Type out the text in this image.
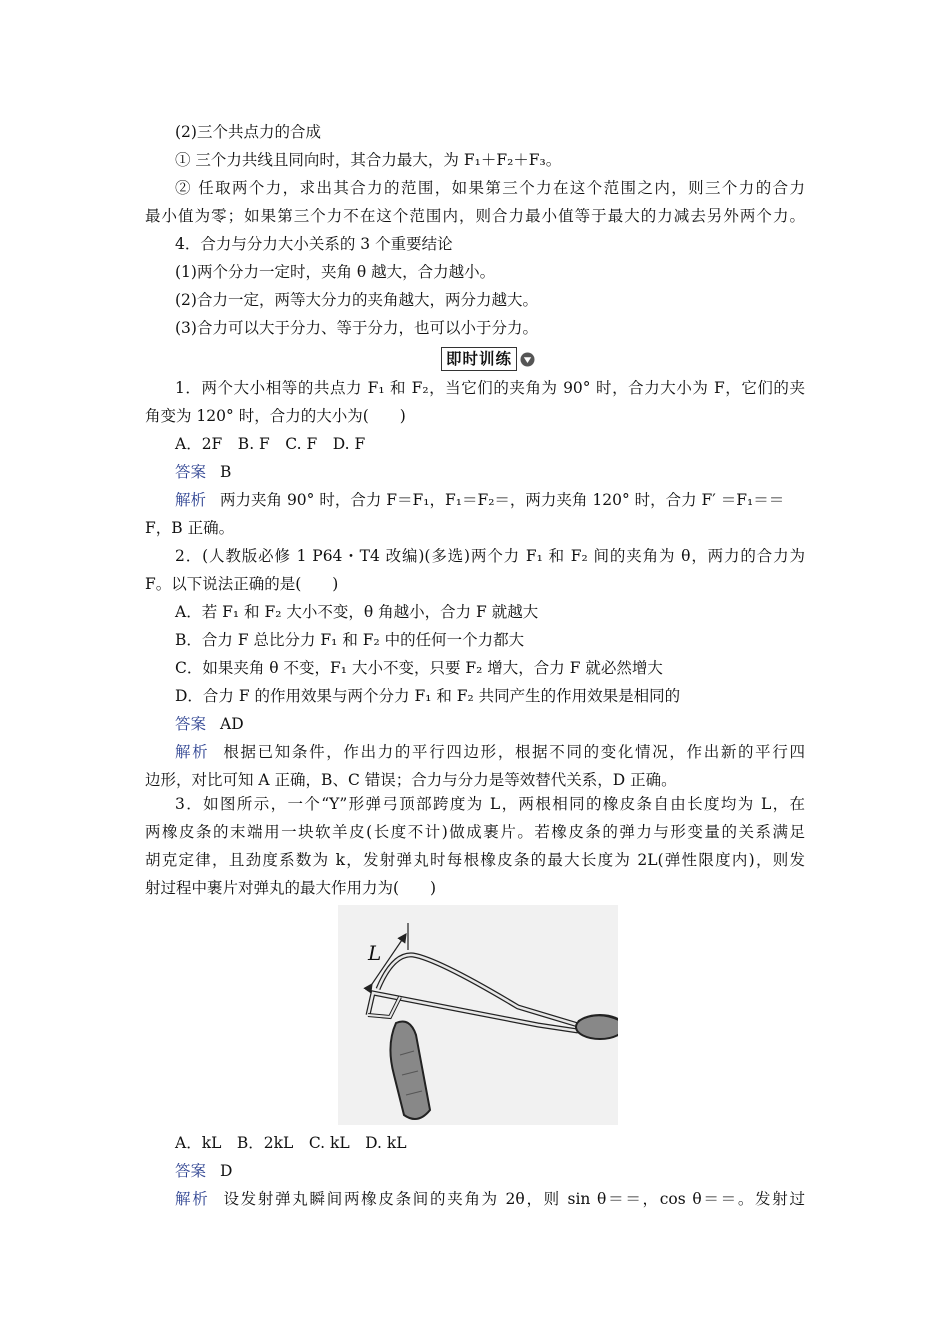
(2)三个共点力的合成
① 三个力共线且同向时，其合力最大，为 F₁＋F₂＋F₃。
② 任取两个力，求出其合力的范围，如果第三个力在这个范围之内，则三个力的合力
最小值为零；如果第三个力不在这个范围内，则合力最小值等于最大的力减去另外两个力。
4．合力与分力大小关系的 3 个重要结论
(1)两个分力一定时，夹角 θ 越大，合力越小。
(2)合力一定，两等大分力的夹角越大，两分力越大。
(3)合力可以大于分力、等于分力，也可以小于分力。
即时训练
1．两个大小相等的共点力 F₁ 和 F₂，当它们的夹角为 90° 时，合力大小为 F，它们的夹
角变为 120° 时，合力的大小为(　　)
A．2F　B. F　C. F　D. F
答案 B
解析 两力夹角 90° 时，合力 F＝F₁，F₁＝F₂＝，两力夹角 120° 时，合力 F′ ＝F₁＝＝
F，B 正确。
2．(人教版必修 1 P64・T4 改编)(多选)两个力 F₁ 和 F₂ 间的夹角为 θ，两力的合力为
F。以下说法正确的是(　　)
A．若 F₁ 和 F₂ 大小不变，θ 角越小，合力 F 就越大
B．合力 F 总比分力 F₁ 和 F₂ 中的任何一个力都大
C．如果夹角 θ 不变，F₁ 大小不变，只要 F₂ 增大，合力 F 就必然增大
D．合力 F 的作用效果与两个分力 F₁ 和 F₂ 共同产生的作用效果是相同的
答案 AD
解析 根据已知条件，作出力的平行四边形，根据不同的变化情况，作出新的平行四
边形，对比可知 A 正确，B、C 错误；合力与分力是等效替代关系，D 正确。
3．如图所示，一个“Y”形弹弓顶部跨度为 L，两根相同的橡皮条自由长度均为 L，在
两橡皮条的末端用一块软羊皮(长度不计)做成裹片。若橡皮条的弹力与形变量的关系满足
胡克定律，且劲度系数为 k，发射弹丸时每根橡皮条的最大长度为 2L(弹性限度内)，则发
射过程中裹片对弹丸的最大作用力为(　　)
L
A．kL　B．2kL　C. kL　D. kL
答案 D
解析 设发射弹丸瞬间两橡皮条间的夹角为 2θ，则 sin θ＝＝，cos θ＝＝。发射过
